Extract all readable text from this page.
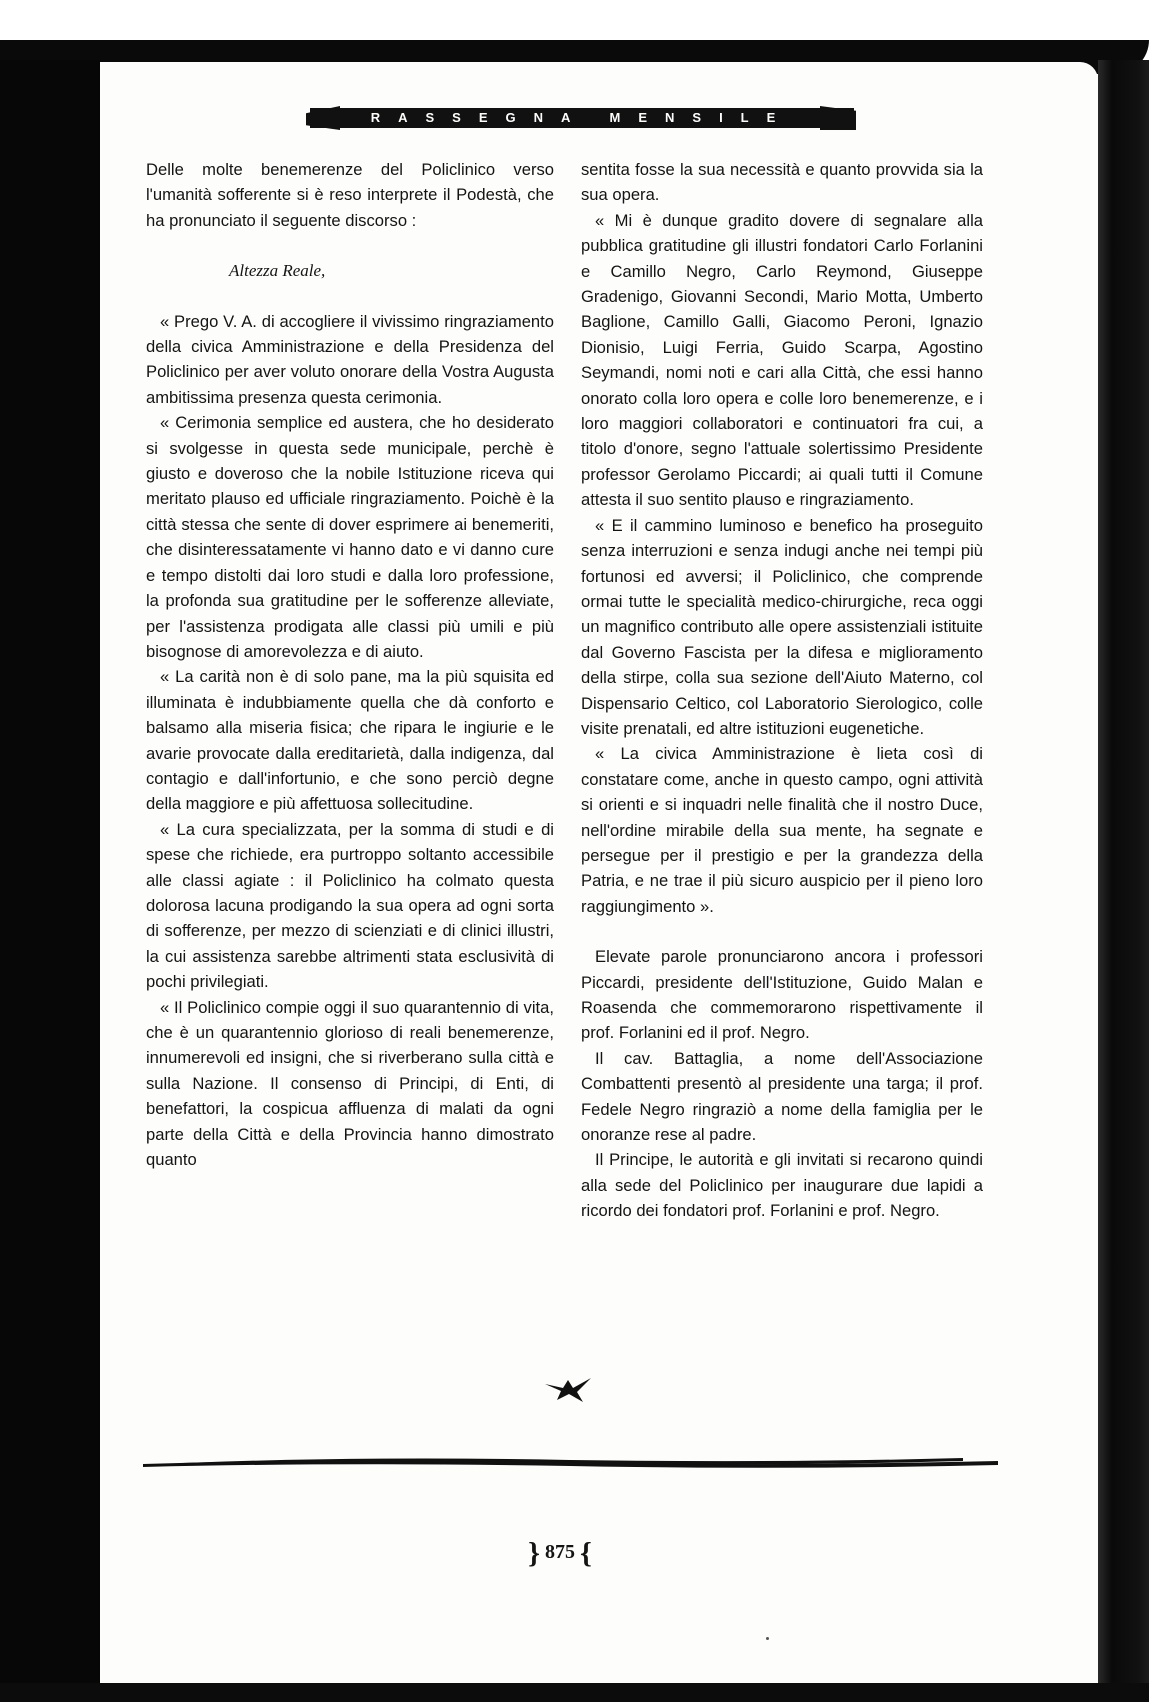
RASSEGNA MENSILE

Delle molte benemerenze del Policlinico verso l'umanità sofferente si è reso interprete il Podestà, che ha pronunciato il seguente discorso :

Altezza Reale,

« Prego V. A. di accogliere il vivissimo ringraziamento della civica Amministrazione e della Presidenza del Policlinico per aver voluto onorare della Vostra Augusta ambitissima presenza questa cerimonia.

« Cerimonia semplice ed austera, che ho desiderato si svolgesse in questa sede municipale, perchè è giusto e doveroso che la nobile Istituzione riceva qui meritato plauso ed ufficiale ringraziamento. Poichè è la città stessa che sente di dover esprimere ai benemeriti, che disinteressatamente vi hanno dato e vi danno cure e tempo distolti dai loro studi e dalla loro professione, la profonda sua gratitudine per le sofferenze alleviate, per l'assistenza prodigata alle classi più umili e più bisognose di amorevolezza e di aiuto.

« La carità non è di solo pane, ma la più squisita ed illuminata è indubbiamente quella che dà conforto e balsamo alla miseria fisica; che ripara le ingiurie e le avarie provocate dalla ereditarietà, dalla indigenza, dal contagio e dall'infortunio, e che sono perciò degne della maggiore e più affettuosa sollecitudine.

« La cura specializzata, per la somma di studi e di spese che richiede, era purtroppo soltanto accessibile alle classi agiate : il Policlinico ha colmato questa dolorosa lacuna prodigando la sua opera ad ogni sorta di sofferenze, per mezzo di scienziati e di clinici illustri, la cui assistenza sarebbe altrimenti stata esclusività di pochi privilegiati.

« Il Policlinico compie oggi il suo quarantennio di vita, che è un quarantennio glorioso di reali benemerenze, innumerevoli ed insigni, che si riverberano sulla città e sulla Nazione. Il consenso di Principi, di Enti, di benefattori, la cospicua affluenza di malati da ogni parte della Città e della Provincia hanno dimostrato quanto

sentita fosse la sua necessità e quanto provvida sia la sua opera.

« Mi è dunque gradito dovere di segnalare alla pubblica gratitudine gli illustri fondatori Carlo Forlanini e Camillo Negro, Carlo Reymond, Giuseppe Gradenigo, Giovanni Secondi, Mario Motta, Umberto Baglione, Camillo Galli, Giacomo Peroni, Ignazio Dionisio, Luigi Ferria, Guido Scarpa, Agostino Seymandi, nomi noti e cari alla Città, che essi hanno onorato colla loro opera e colle loro benemerenze, e i loro maggiori collaboratori e continuatori fra cui, a titolo d'onore, segno l'attuale solertissimo Presidente professor Gerolamo Piccardi; ai quali tutti il Comune attesta il suo sentito plauso e ringraziamento.

« E il cammino luminoso e benefico ha proseguito senza interruzioni e senza indugi anche nei tempi più fortunosi ed avversi; il Policlinico, che comprende ormai tutte le specialità medico-chirurgiche, reca oggi un magnifico contributo alle opere assistenziali istituite dal Governo Fascista per la difesa e miglioramento della stirpe, colla sua sezione dell'Aiuto Materno, col Dispensario Celtico, col Laboratorio Sierologico, colle visite prenatali, ed altre istituzioni eugenetiche.

« La civica Amministrazione è lieta così di constatare come, anche in questo campo, ogni attività si orienti e si inquadri nelle finalità che il nostro Duce, nell'ordine mirabile della sua mente, ha segnate e persegue per il prestigio e per la grandezza della Patria, e ne trae il più sicuro auspicio per il pieno loro raggiungimento ».

Elevate parole pronunciarono ancora i professori Piccardi, presidente dell'Istituzione, Guido Malan e Roasenda che commemorarono rispettivamente il prof. Forlanini ed il prof. Negro.

Il cav. Battaglia, a nome dell'Associazione Combattenti presentò al presidente una targa; il prof. Fedele Negro ringraziò a nome della famiglia per le onoranze rese al padre.

Il Principe, le autorità e gli invitati si recarono quindi alla sede del Policlinico per inaugurare due lapidi a ricordo dei fondatori prof. Forlanini e prof. Negro.

} 875 {
